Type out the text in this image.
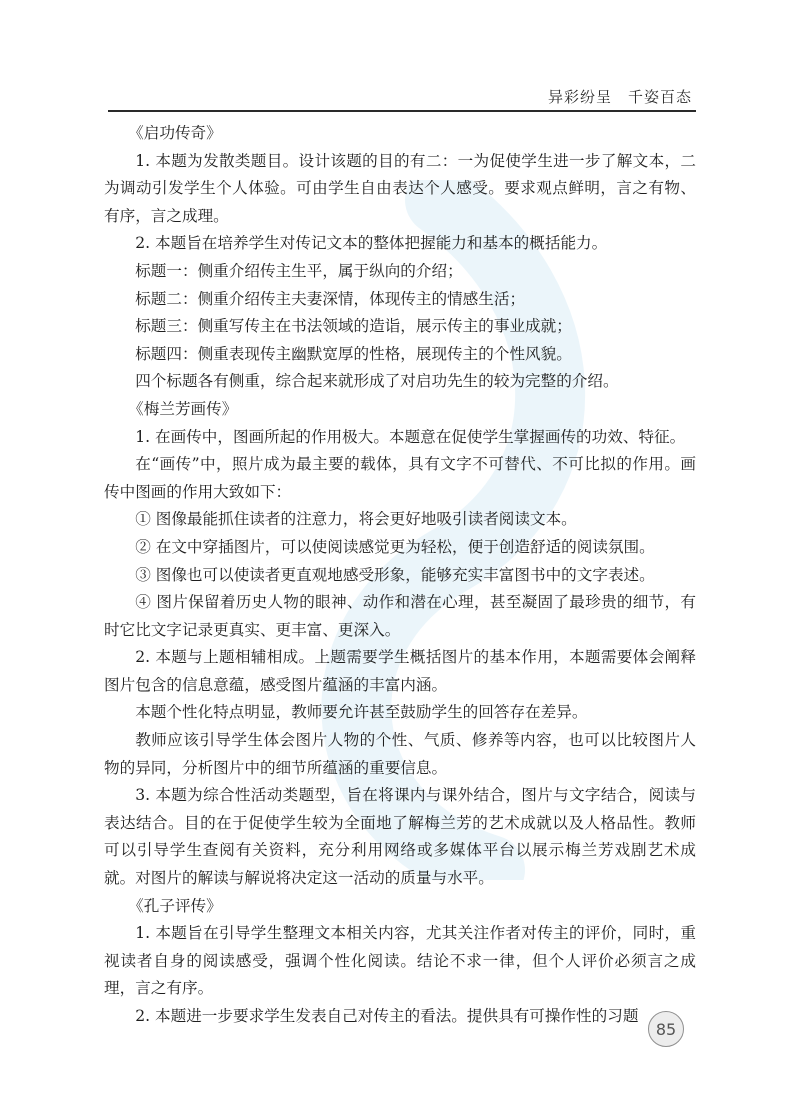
异彩纷呈　千姿百态

《启功传奇》

1. 本题为发散类题目。设计该题的目的有二：一为促使学生进一步了解文本，二为调动引发学生个人体验。可由学生自由表达个人感受。要求观点鲜明，言之有物、有序，言之成理。

2. 本题旨在培养学生对传记文本的整体把握能力和基本的概括能力。

标题一：侧重介绍传主生平，属于纵向的介绍；

标题二：侧重介绍传主夫妻深情，体现传主的情感生活；

标题三：侧重写传主在书法领域的造诣，展示传主的事业成就；

标题四：侧重表现传主幽默宽厚的性格，展现传主的个性风貌。

四个标题各有侧重，综合起来就形成了对启功先生的较为完整的介绍。

《梅兰芳画传》

1. 在画传中，图画所起的作用极大。本题意在促使学生掌握画传的功效、特征。

在“画传”中，照片成为最主要的载体，具有文字不可替代、不可比拟的作用。画传中图画的作用大致如下：

① 图像最能抓住读者的注意力，将会更好地吸引读者阅读文本。

② 在文中穿插图片，可以使阅读感觉更为轻松，便于创造舒适的阅读氛围。

③ 图像也可以使读者更直观地感受形象，能够充实丰富图书中的文字表述。

④ 图片保留着历史人物的眼神、动作和潜在心理，甚至凝固了最珍贵的细节，有时它比文字记录更真实、更丰富、更深入。

2. 本题与上题相辅相成。上题需要学生概括图片的基本作用，本题需要体会阐释图片包含的信息意蕴，感受图片蕴涵的丰富内涵。

本题个性化特点明显，教师要允许甚至鼓励学生的回答存在差异。

教师应该引导学生体会图片人物的个性、气质、修养等内容，也可以比较图片人物的异同，分析图片中的细节所蕴涵的重要信息。

3. 本题为综合性活动类题型，旨在将课内与课外结合，图片与文字结合，阅读与表达结合。目的在于促使学生较为全面地了解梅兰芳的艺术成就以及人格品性。教师可以引导学生查阅有关资料，充分利用网络或多媒体平台以展示梅兰芳戏剧艺术成就。对图片的解读与解说将决定这一活动的质量与水平。

《孔子评传》

1. 本题旨在引导学生整理文本相关内容，尤其关注作者对传主的评价，同时，重视读者自身的阅读感受，强调个性化阅读。结论不求一律，但个人评价必须言之成理，言之有序。

2. 本题进一步要求学生发表自己对传主的看法。提供具有可操作性的习题

85
